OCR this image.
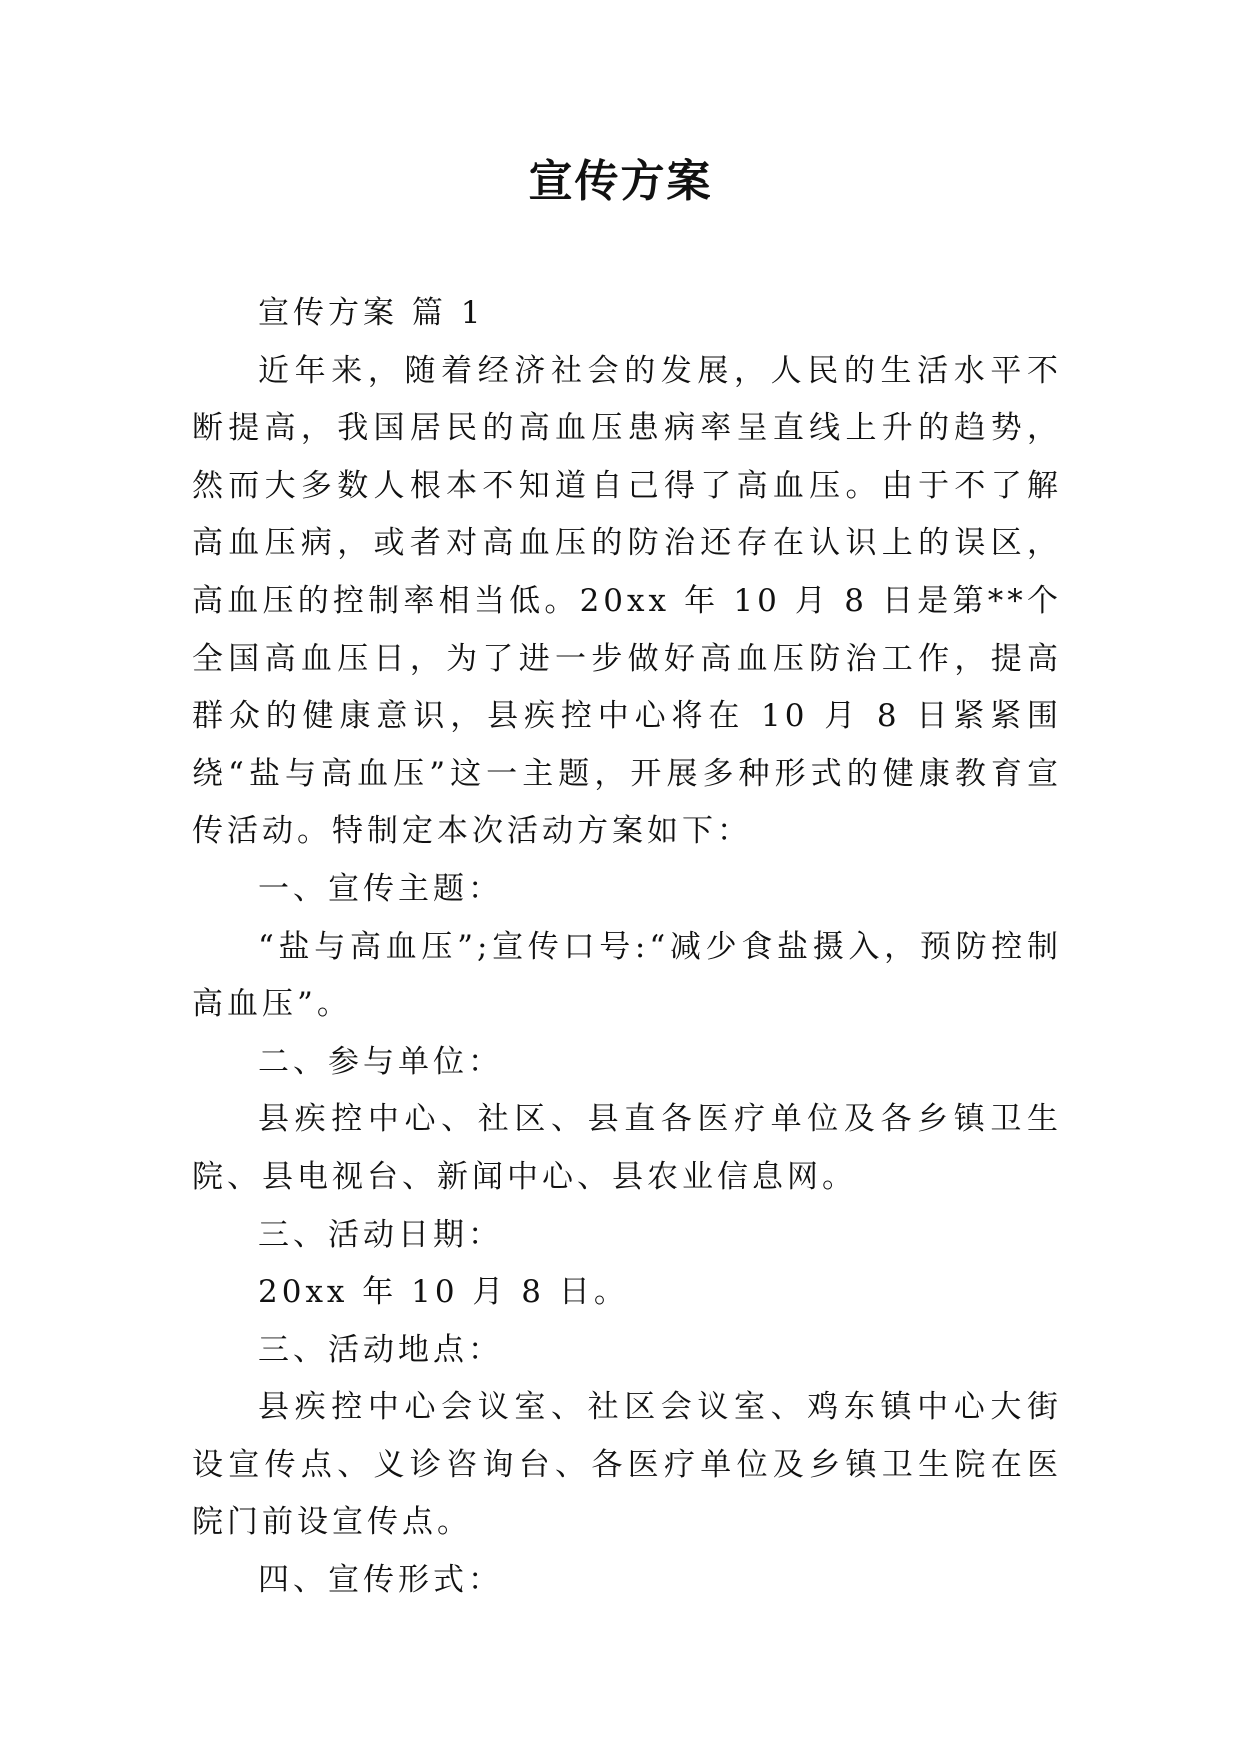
宣传方案

宣传方案 篇 1

近年来，随着经济社会的发展，人民的生活水平不断提高，我国居民的高血压患病率呈直线上升的趋势，然而大多数人根本不知道自己得了高血压。由于不了解高血压病，或者对高血压的防治还存在认识上的误区，高血压的控制率相当低。20xx 年 10 月 8 日是第**个全国高血压日，为了进一步做好高血压防治工作，提高群众的健康意识，县疾控中心将在 10 月 8 日紧紧围绕“盐与高血压”这一主题，开展多种形式的健康教育宣传活动。特制定本次活动方案如下：

一、宣传主题：

“盐与高血压”;宣传口号:“减少食盐摄入，预防控制高血压”。

二、参与单位：

县疾控中心、社区、县直各医疗单位及各乡镇卫生院、县电视台、新闻中心、县农业信息网。

三、活动日期：

20xx 年 10 月 8 日。

三、活动地点：

县疾控中心会议室、社区会议室、鸡东镇中心大街设宣传点、义诊咨询台、各医疗单位及乡镇卫生院在医院门前设宣传点。

四、宣传形式：
